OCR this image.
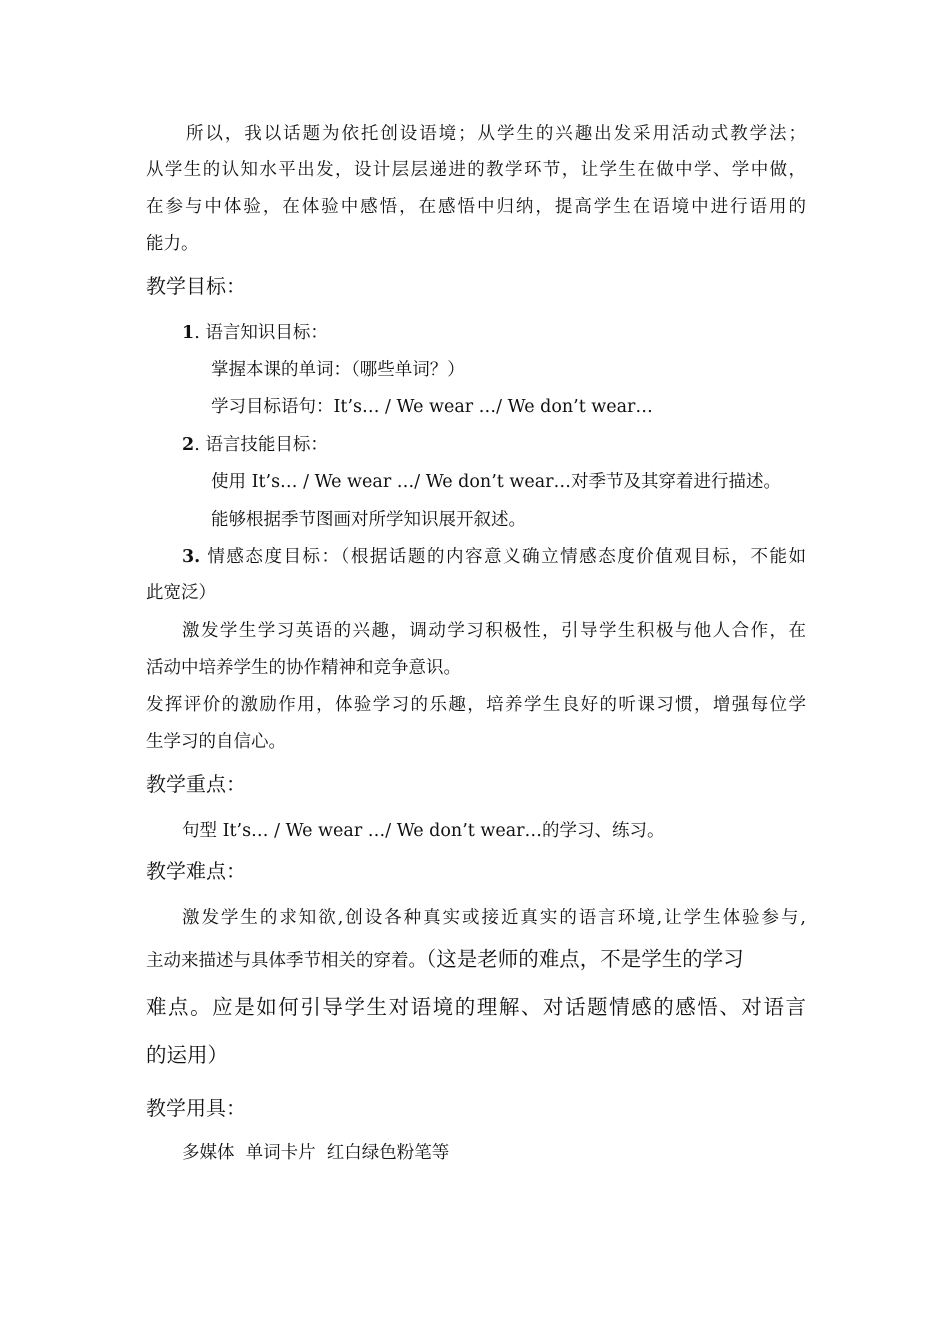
所以，我以话题为依托创设语境；从学生的兴趣出发采用活动式教学法；
从学生的认知水平出发，设计层层递进的教学环节，让学生在做中学、学中做，
在参与中体验，在体验中感悟，在感悟中归纳，提高学生在语境中进行语用的
能力。
教学目标：
1. 语言知识目标：
掌握本课的单词：（哪些单词？）
学习目标语句：It’s… / We wear …/ We don’t wear…
2. 语言技能目标：
使用 It’s… / We wear …/ We don’t wear…对季节及其穿着进行描述。
能够根据季节图画对所学知识展开叙述。
3. 情感态度目标：（根据话题的内容意义确立情感态度价值观目标，不能如
此宽泛）
激发学生学习英语的兴趣，调动学习积极性，引导学生积极与他人合作，在
活动中培养学生的协作精神和竞争意识。
发挥评价的激励作用，体验学习的乐趣，培养学生良好的听课习惯，增强每位学
生学习的自信心。
教学重点：
句型 It’s… / We wear …/ We don’t wear…的学习、练习。
教学难点：
激发学生的求知欲,创设各种真实或接近真实的语言环境,让学生体验参与,
主动来描述与具体季节相关的穿着。（这是老师的难点，不是学生的学习
难点。应是如何引导学生对语境的理解、对话题情感的感悟、对语言
的运用）
教学用具：
多媒体  单词卡片  红白绿色粉笔等
